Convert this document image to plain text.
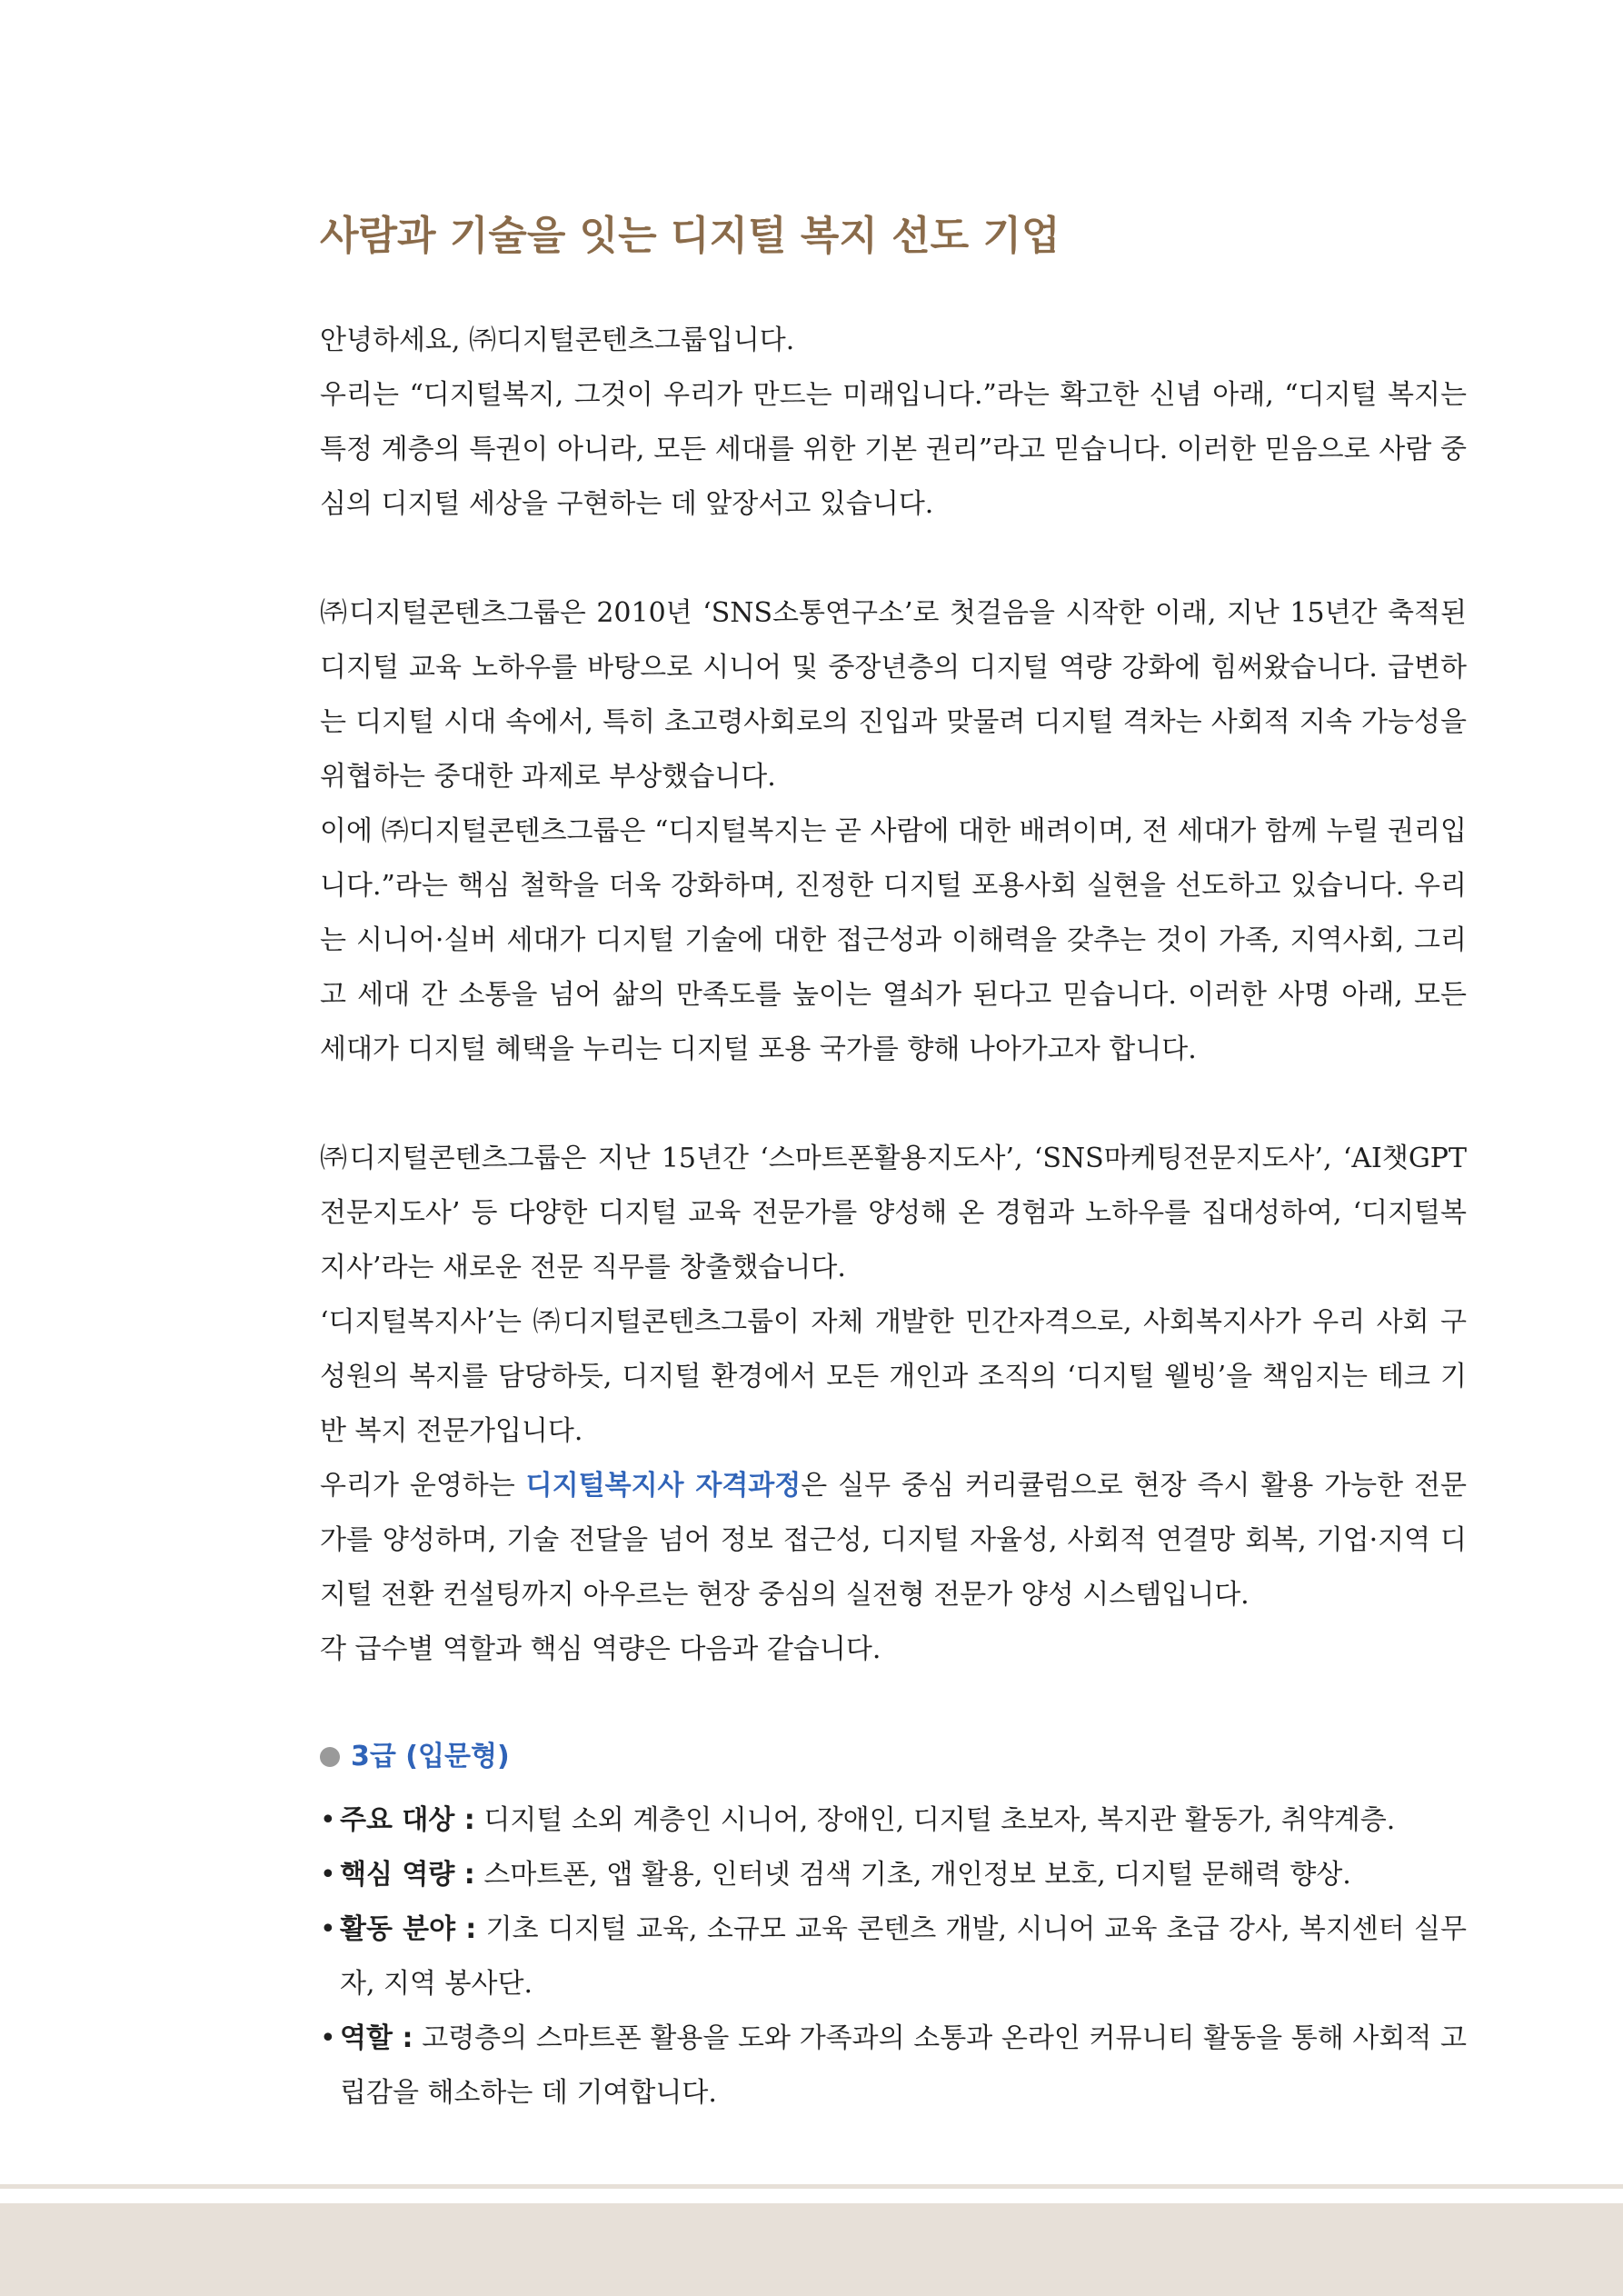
사람과 기술을 잇는 디지털 복지 선도 기업

안녕하세요, ㈜디지털콘텐츠그룹입니다.

우리는 “디지털복지, 그것이 우리가 만드는 미래입니다.”라는 확고한 신념 아래, “디지털 복지는 특정 계층의 특권이 아니라, 모든 세대를 위한 기본 권리”라고 믿습니다. 이러한 믿음으로 사람 중심의 디지털 세상을 구현하는 데 앞장서고 있습니다.

㈜디지털콘텐츠그룹은 2010년 ‘SNS소통연구소’로 첫걸음을 시작한 이래, 지난 15년간 축적된 디지털 교육 노하우를 바탕으로 시니어 및 중장년층의 디지털 역량 강화에 힘써왔습니다. 급변하는 디지털 시대 속에서, 특히 초고령사회로의 진입과 맞물려 디지털 격차는 사회적 지속 가능성을 위협하는 중대한 과제로 부상했습니다.

이에 ㈜디지털콘텐츠그룹은 “디지털복지는 곧 사람에 대한 배려이며, 전 세대가 함께 누릴 권리입니다.”라는 핵심 철학을 더욱 강화하며, 진정한 디지털 포용사회 실현을 선도하고 있습니다. 우리는 시니어·실버 세대가 디지털 기술에 대한 접근성과 이해력을 갖추는 것이 가족, 지역사회, 그리고 세대 간 소통을 넘어 삶의 만족도를 높이는 열쇠가 된다고 믿습니다. 이러한 사명 아래, 모든 세대가 디지털 혜택을 누리는 디지털 포용 국가를 향해 나아가고자 합니다.

㈜디지털콘텐츠그룹은 지난 15년간 ‘스마트폰활용지도사’, ‘SNS마케팅전문지도사’, ‘AI챗GPT전문지도사’ 등 다양한 디지털 교육 전문가를 양성해 온 경험과 노하우를 집대성하여, ‘디지털복지사’라는 새로운 전문 직무를 창출했습니다.

‘디지털복지사’는 ㈜디지털콘텐츠그룹이 자체 개발한 민간자격으로, 사회복지사가 우리 사회 구성원의 복지를 담당하듯, 디지털 환경에서 모든 개인과 조직의 ‘디지털 웰빙’을 책임지는 테크 기반 복지 전문가입니다.

우리가 운영하는 디지털복지사 자격과정은 실무 중심 커리큘럼으로 현장 즉시 활용 가능한 전문가를 양성하며, 기술 전달을 넘어 정보 접근성, 디지털 자율성, 사회적 연결망 회복, 기업·지역 디지털 전환 컨설팅까지 아우르는 현장 중심의 실전형 전문가 양성 시스템입니다.

각 급수별 역할과 핵심 역량은 다음과 같습니다.

3급 (입문형)
• 주요 대상 : 디지털 소외 계층인 시니어, 장애인, 디지털 초보자, 복지관 활동가, 취약계층.
• 핵심 역량 : 스마트폰, 앱 활용, 인터넷 검색 기초, 개인정보 보호, 디지털 문해력 향상.
• 활동 분야 : 기초 디지털 교육, 소규모 교육 콘텐츠 개발, 시니어 교육 초급 강사, 복지센터 실무자, 지역 봉사단.
• 역할 : 고령층의 스마트폰 활용을 도와 가족과의 소통과 온라인 커뮤니티 활동을 통해 사회적 고립감을 해소하는 데 기여합니다.
